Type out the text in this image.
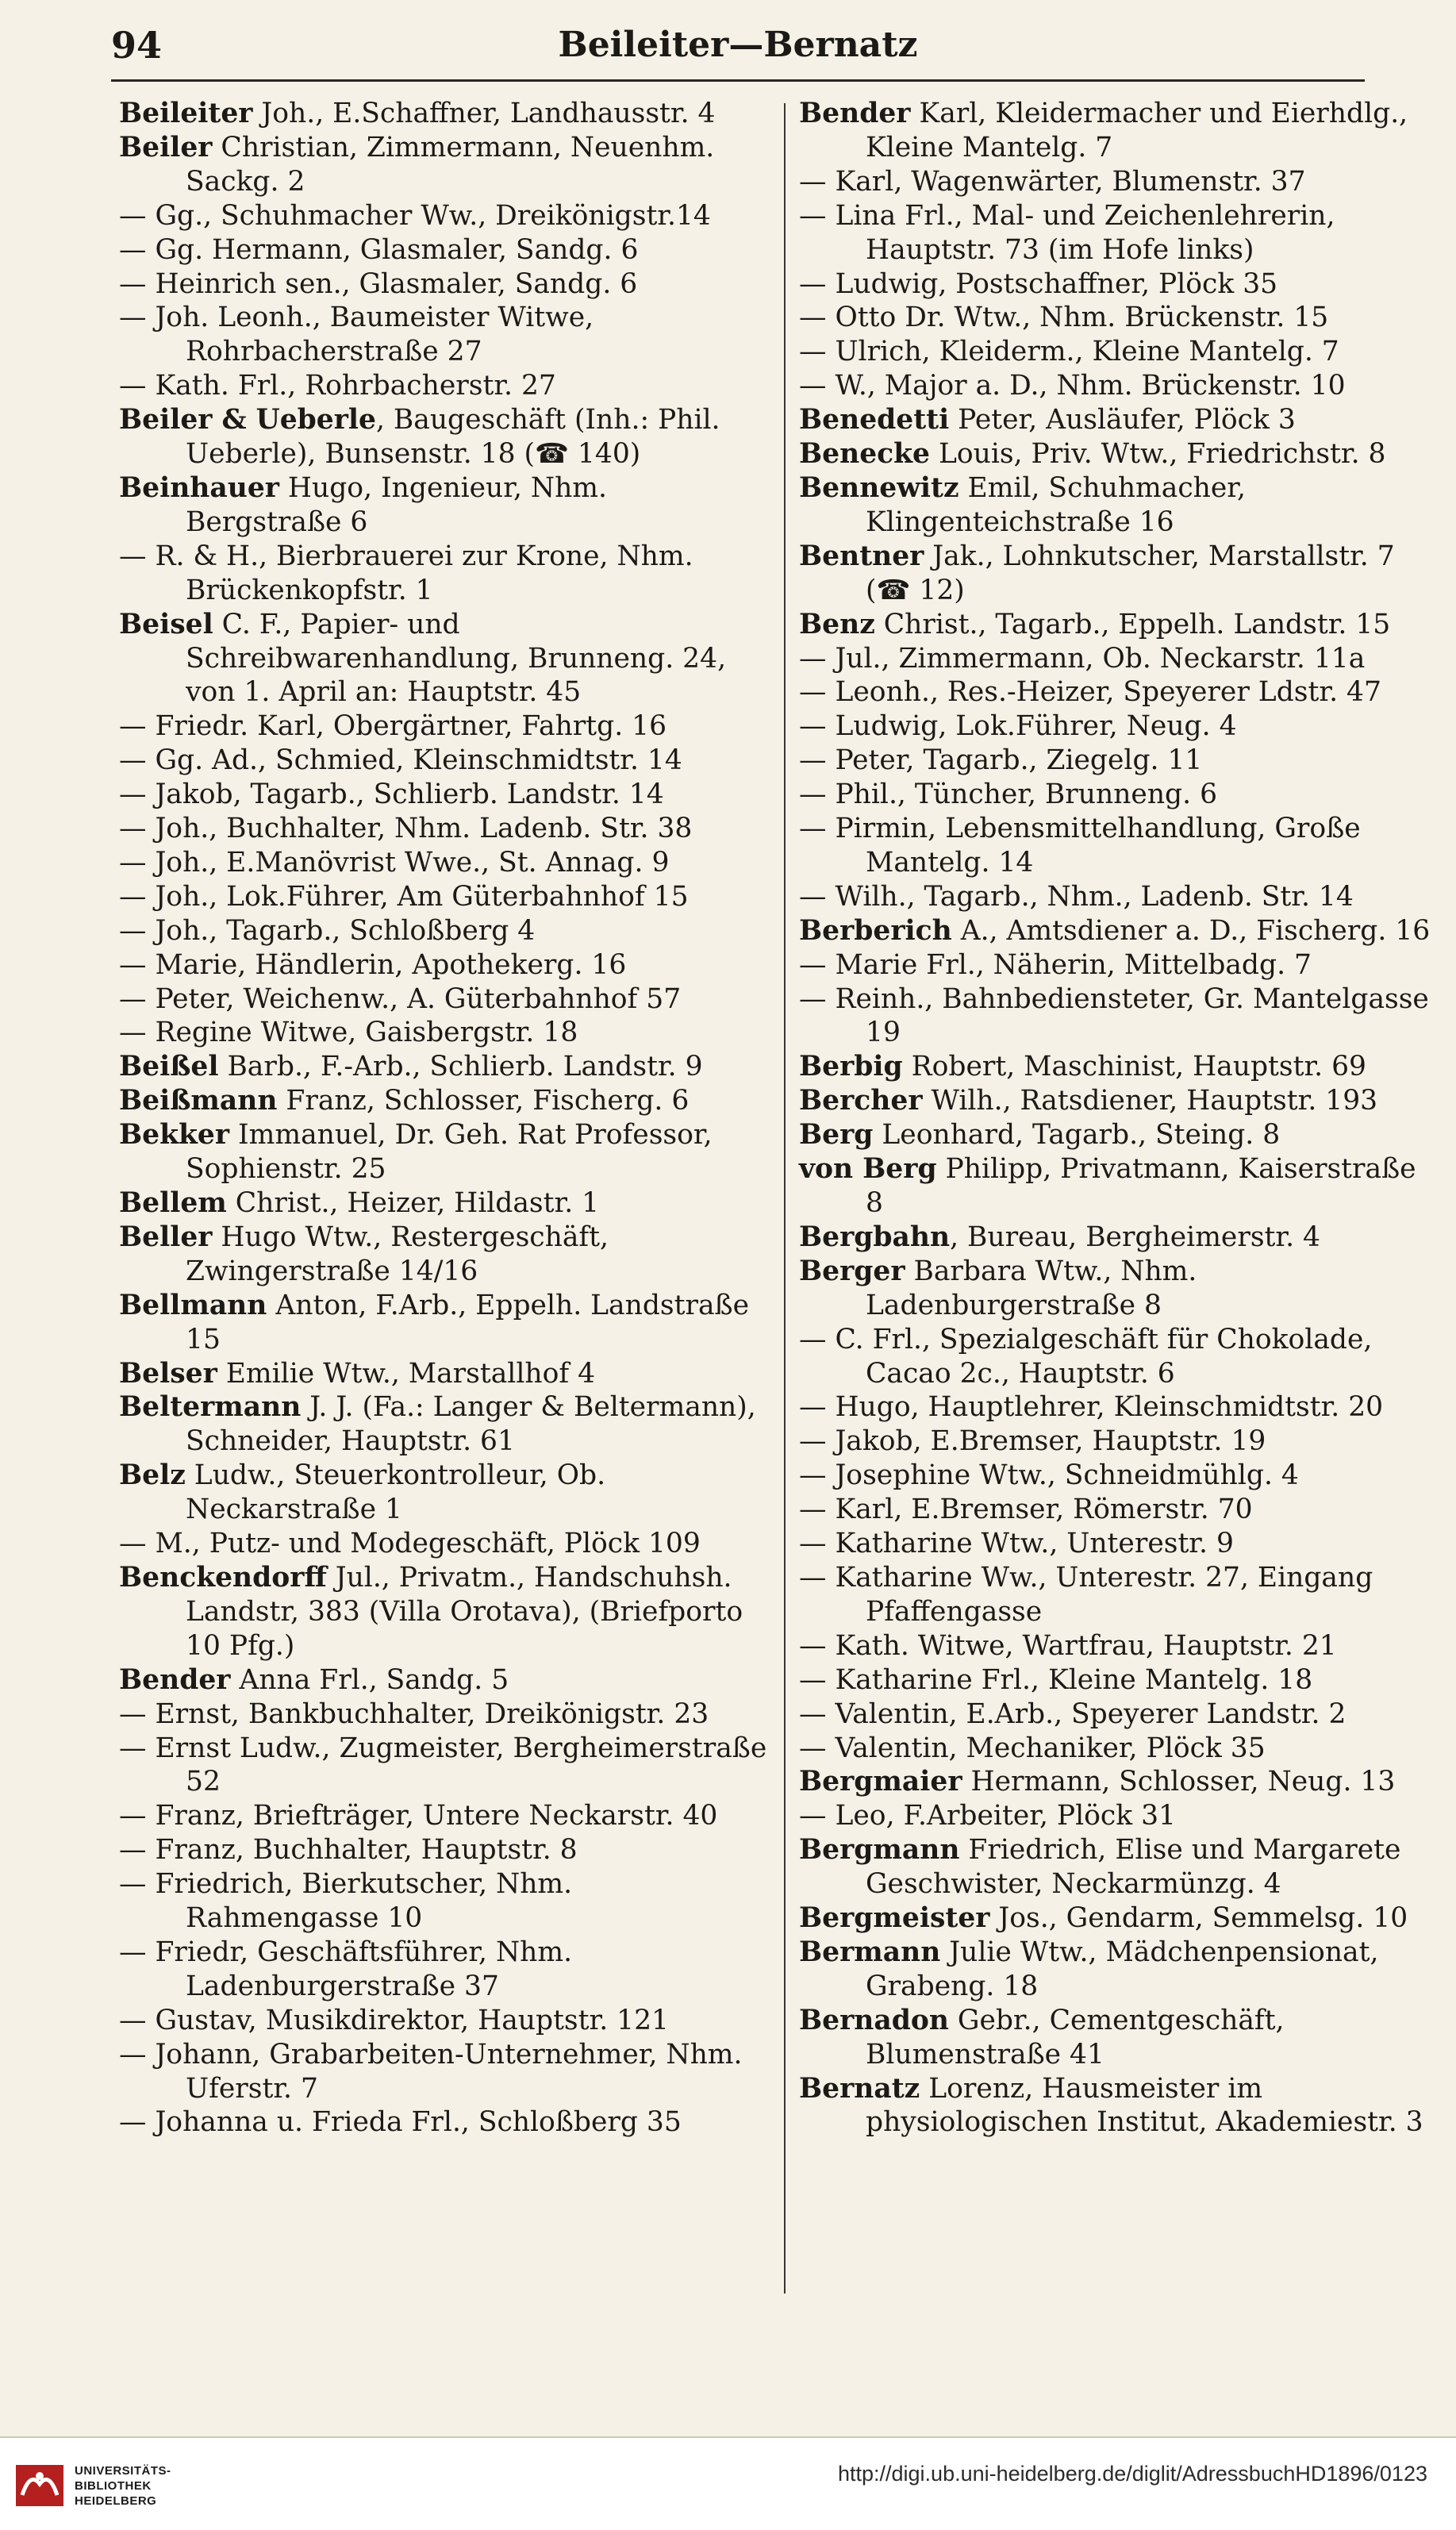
94	Beileiter—Bernatz

Beileiter Joh., E.Schaffner, Landhausstr. 4

Beiler Christian, Zimmermann, Neuenhm. Sackg. 2

— Gg., Schuhmacher Ww., Dreikönigstr.14

— Gg. Hermann, Glasmaler, Sandg. 6

— Heinrich sen., Glasmaler, Sandg. 6

— Joh. Leonh., Baumeister Witwe, Rohrbacherstraße 27

— Kath. Frl., Rohrbacherstr. 27

Beiler & Ueberle, Baugeschäft (Inh.: Phil. Ueberle), Bunsenstr. 18 (☎ 140)

Beinhauer Hugo, Ingenieur, Nhm. Bergstraße 6

— R. & H., Bierbrauerei zur Krone, Nhm. Brückenkopfstr. 1

Beisel C. F., Papier- und Schreibwarenhandlung, Brunneng. 24, von 1. April an: Hauptstr. 45

— Friedr. Karl, Obergärtner, Fahrtg. 16

— Gg. Ad., Schmied, Kleinschmidtstr. 14

— Jakob, Tagarb., Schlierb. Landstr. 14

— Joh., Buchhalter, Nhm. Ladenb. Str. 38

— Joh., E.Manövrist Wwe., St. Annag. 9

— Joh., Lok.Führer, Am Güterbahnhof 15

— Joh., Tagarb., Schloßberg 4

— Marie, Händlerin, Apothekerg. 16

— Peter, Weichenw., A. Güterbahnhof 57

— Regine Witwe, Gaisbergstr. 18

Beißel Barb., F.-Arb., Schlierb. Landstr. 9

Beißmann Franz, Schlosser, Fischerg. 6

Bekker Immanuel, Dr. Geh. Rat Professor, Sophienstr. 25

Bellem Christ., Heizer, Hildastr. 1

Beller Hugo Wtw., Restergeschäft, Zwingerstraße 14/16

Bellmann Anton, F.Arb., Eppelh. Landstraße 15

Belser Emilie Wtw., Marstallhof 4

Beltermann J. J. (Fa.: Langer & Beltermann), Schneider, Hauptstr. 61

Belz Ludw., Steuerkontrolleur, Ob. Neckarstraße 1

— M., Putz- und Modegeschäft, Plöck 109

Benckendorff Jul., Privatm., Handschuhsh. Landstr, 383 (Villa Orotava), (Briefporto 10 Pfg.)

Bender Anna Frl., Sandg. 5

— Ernst, Bankbuchhalter, Dreikönigstr. 23

— Ernst Ludw., Zugmeister, Bergheimerstraße 52

— Franz, Briefträger, Untere Neckarstr. 40

— Franz, Buchhalter, Hauptstr. 8

— Friedrich, Bierkutscher, Nhm. Rahmengasse 10

— Friedr, Geschäftsführer, Nhm. Ladenburgerstraße 37

— Gustav, Musikdirektor, Hauptstr. 121

— Johann, Grabarbeiten-Unternehmer, Nhm. Uferstr. 7

— Johanna u. Frieda Frl., Schloßberg 35

Bender Karl, Kleidermacher und Eierhdlg., Kleine Mantelg. 7

— Karl, Wagenwärter, Blumenstr. 37

— Lina Frl., Mal- und Zeichenlehrerin, Hauptstr. 73 (im Hofe links)

— Ludwig, Postschaffner, Plöck 35

— Otto Dr. Wtw., Nhm. Brückenstr. 15

— Ulrich, Kleiderm., Kleine Mantelg. 7

— W., Major a. D., Nhm. Brückenstr. 10

Benedetti Peter, Ausläufer, Plöck 3

Benecke Louis, Priv. Wtw., Friedrichstr. 8

Bennewitz Emil, Schuhmacher, Klingenteichstraße 16

Bentner Jak., Lohnkutscher, Marstallstr. 7 (☎ 12)

Benz Christ., Tagarb., Eppelh. Landstr. 15

— Jul., Zimmermann, Ob. Neckarstr. 11a

— Leonh., Res.-Heizer, Speyerer Ldstr. 47

— Ludwig, Lok.Führer, Neug. 4

— Peter, Tagarb., Ziegelg. 11

— Phil., Tüncher, Brunneng. 6

— Pirmin, Lebensmittelhandlung, Große Mantelg. 14

— Wilh., Tagarb., Nhm., Ladenb. Str. 14

Berberich A., Amtsdiener a. D., Fischerg. 16

— Marie Frl., Näherin, Mittelbadg. 7

— Reinh., Bahnbediensteter, Gr. Mantelgasse 19

Berbig Robert, Maschinist, Hauptstr. 69

Bercher Wilh., Ratsdiener, Hauptstr. 193

Berg Leonhard, Tagarb., Steing. 8

von Berg Philipp, Privatmann, Kaiserstraße 8

Bergbahn, Bureau, Bergheimerstr. 4

Berger Barbara Wtw., Nhm. Ladenburgerstraße 8

— C. Frl., Spezialgeschäft für Chokolade, Cacao 2c., Hauptstr. 6

— Hugo, Hauptlehrer, Kleinschmidtstr. 20

— Jakob, E.Bremser, Hauptstr. 19

— Josephine Wtw., Schneidmühlg. 4

— Karl, E.Bremser, Römerstr. 70

— Katharine Wtw., Unterestr. 9

— Katharine Ww., Unterestr. 27, Eingang Pfaffengasse

— Kath. Witwe, Wartfrau, Hauptstr. 21

— Katharine Frl., Kleine Mantelg. 18

— Valentin, E.Arb., Speyerer Landstr. 2

— Valentin, Mechaniker, Plöck 35

Bergmaier Hermann, Schlosser, Neug. 13

— Leo, F.Arbeiter, Plöck 31

Bergmann Friedrich, Elise und Margarete Geschwister, Neckarmünzg. 4

Bergmeister Jos., Gendarm, Semmelsg. 10

Bermann Julie Wtw., Mädchenpensionat, Grabeng. 18

Bernadon Gebr., Cementgeschäft, Blumenstraße 41

Bernatz Lorenz, Hausmeister im physiologischen Institut, Akademiestr. 3

UNIVERSITÄTS-
BIBLIOTHEK
HEIDELBERG
http://digi.ub.uni-heidelberg.de/diglit/AdressbuchHD1896/0123
